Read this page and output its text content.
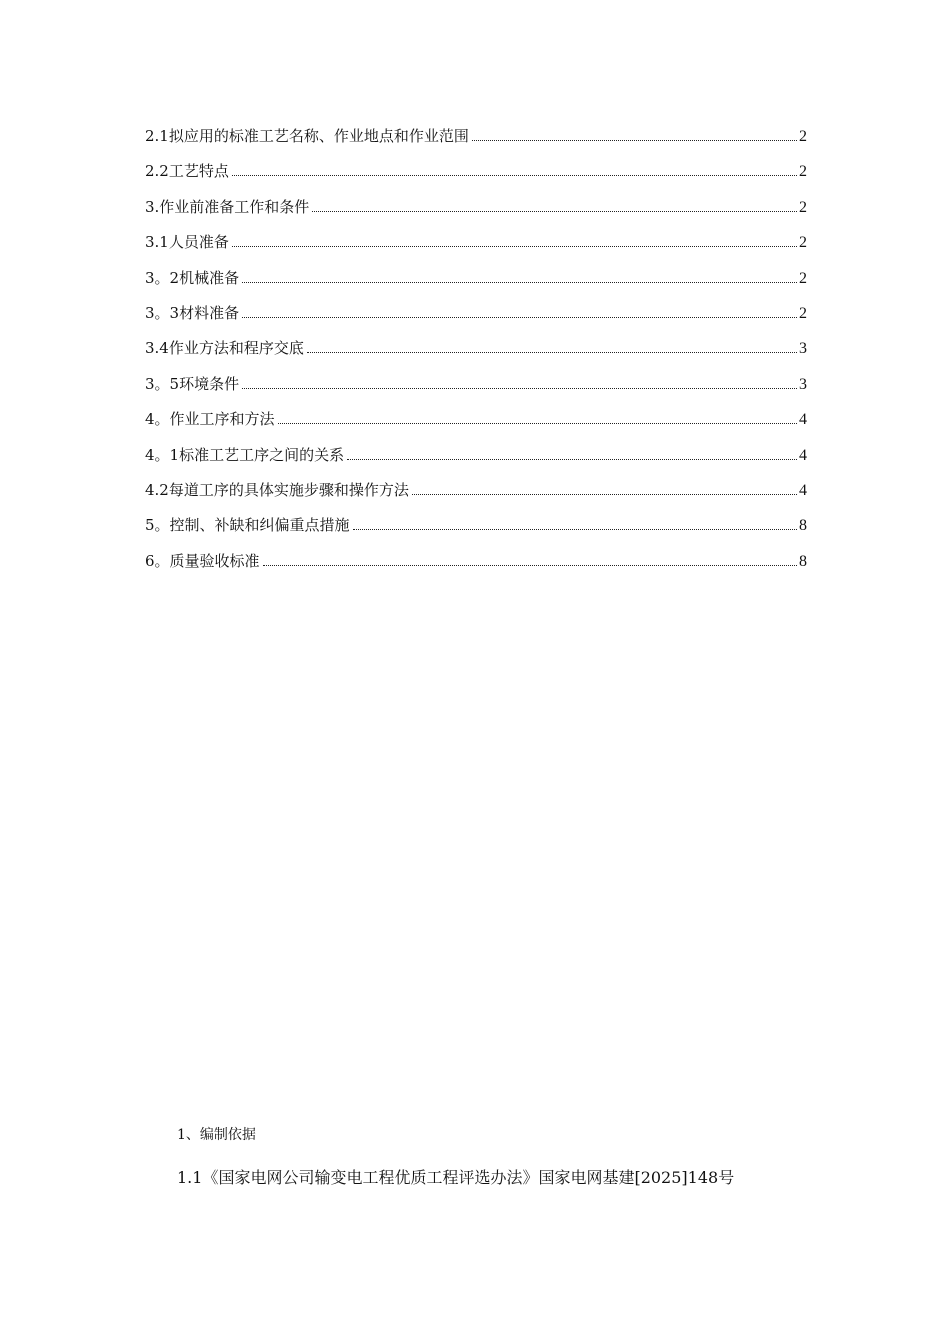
2.1拟应用的标准工艺名称、作业地点和作业范围	2
2.2工艺特点	2
3.作业前准备工作和条件	2
3.1人员准备	2
3。2机械准备	2
3。3材料准备	2
3.4作业方法和程序交底	3
3。5环境条件	3
4。作业工序和方法	4
4。1标准工艺工序之间的关系	4
4.2每道工序的具体实施步骤和操作方法	4
5。控制、补缺和纠偏重点措施	8
6。质量验收标准	8
1、编制依据
1.1《国家电网公司输变电工程优质工程评选办法》国家电网基建[2025]148号
